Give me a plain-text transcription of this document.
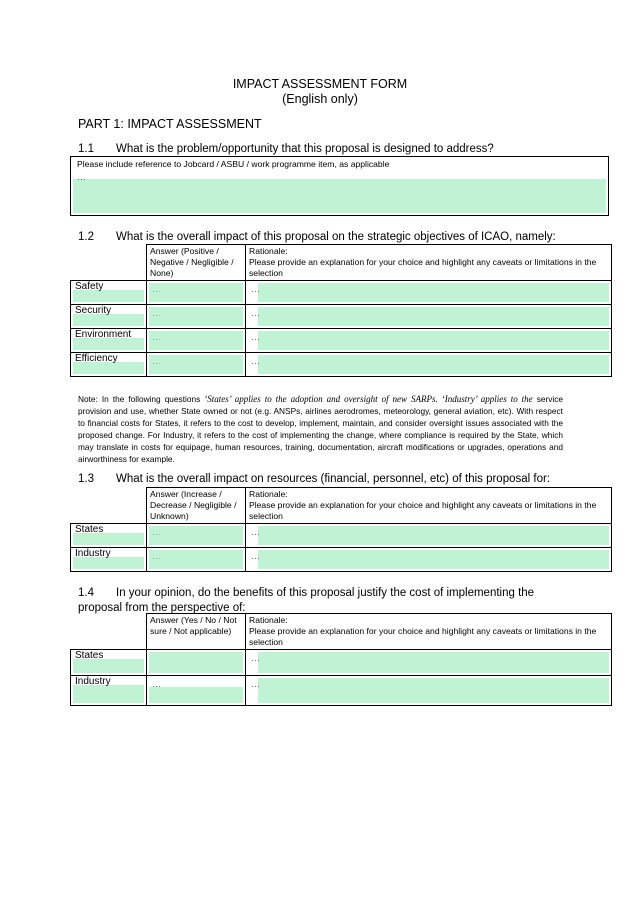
IMPACT ASSESSMENT FORM
(English only)
PART 1: IMPACT ASSESSMENT
1.1 What is the problem/opportunity that this proposal is designed to address?
Please include reference to Jobcard / ASBU / work programme item, as applicable
…
1.2 What is the overall impact of this proposal on the strategic objectives of ICAO, namely:
	Answer (Positive / Negative / Negligible / None)	Rationale:
Please provide an explanation for your choice and highlight any caveats or limitations in the selection

Safety	…	…

Security	…	…

Environment	…	…

Efficiency	…	…
Note: In the following questions ‘States’ applies to the adoption and oversight of new SARPs. ‘Industry’ applies to the service provision and use, whether State owned or not (e.g. ANSPs, airlines aerodromes, meteorology, general aviation, etc). With respect to financial costs for States, it refers to the cost to develop, implement, maintain, and consider oversight issues associated with the proposed change. For Industry, it refers to the cost of implementing the change, where compliance is required by the State, which may translate in costs for equipage, human resources, training, documentation, aircraft modifications or upgrades, operations and airworthiness for example.
1.3 What is the overall impact on resources (financial, personnel, etc) of this proposal for:
	Answer (Increase / Decrease / Negligible / Unknown)	Rationale:
Please provide an explanation for your choice and highlight any caveats or limitations in the selection

States	…	…

Industry	…	…
1.4 In your opinion, do the benefits of this proposal justify the cost of implementing the proposal from the perspective of:
	Answer (Yes / No / Not sure / Not applicable)	Rationale:
Please provide an explanation for your choice and highlight any caveats or limitations in the selection

States		…

Industry	…	…
